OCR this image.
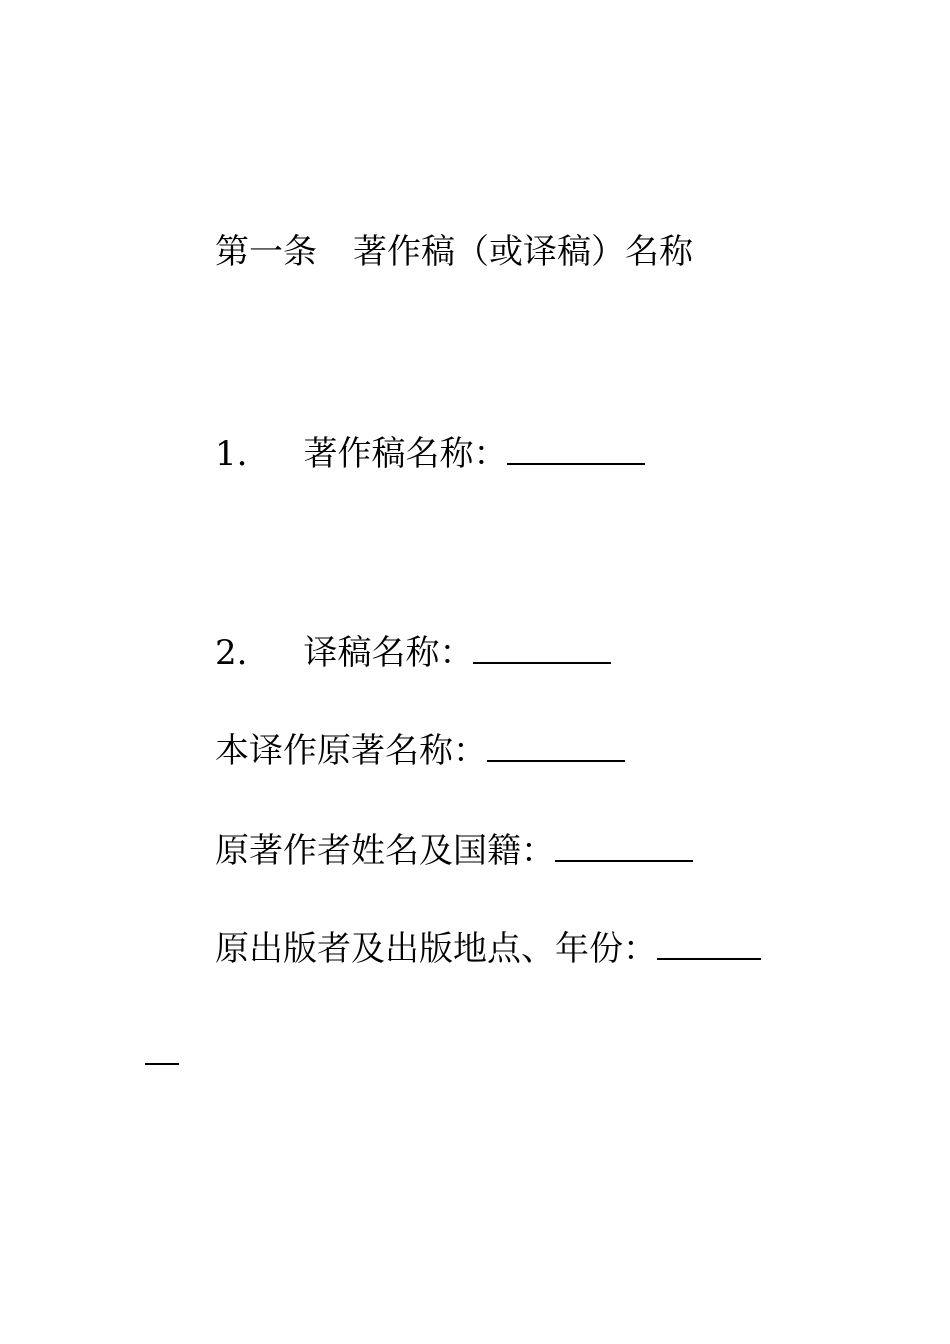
第一条 著作稿（或译稿）名称
1. 著作稿名称：
2. 译稿名称：
本译作原著名称：
原著作者姓名及国籍：
原出版者及出版地点、年份：
